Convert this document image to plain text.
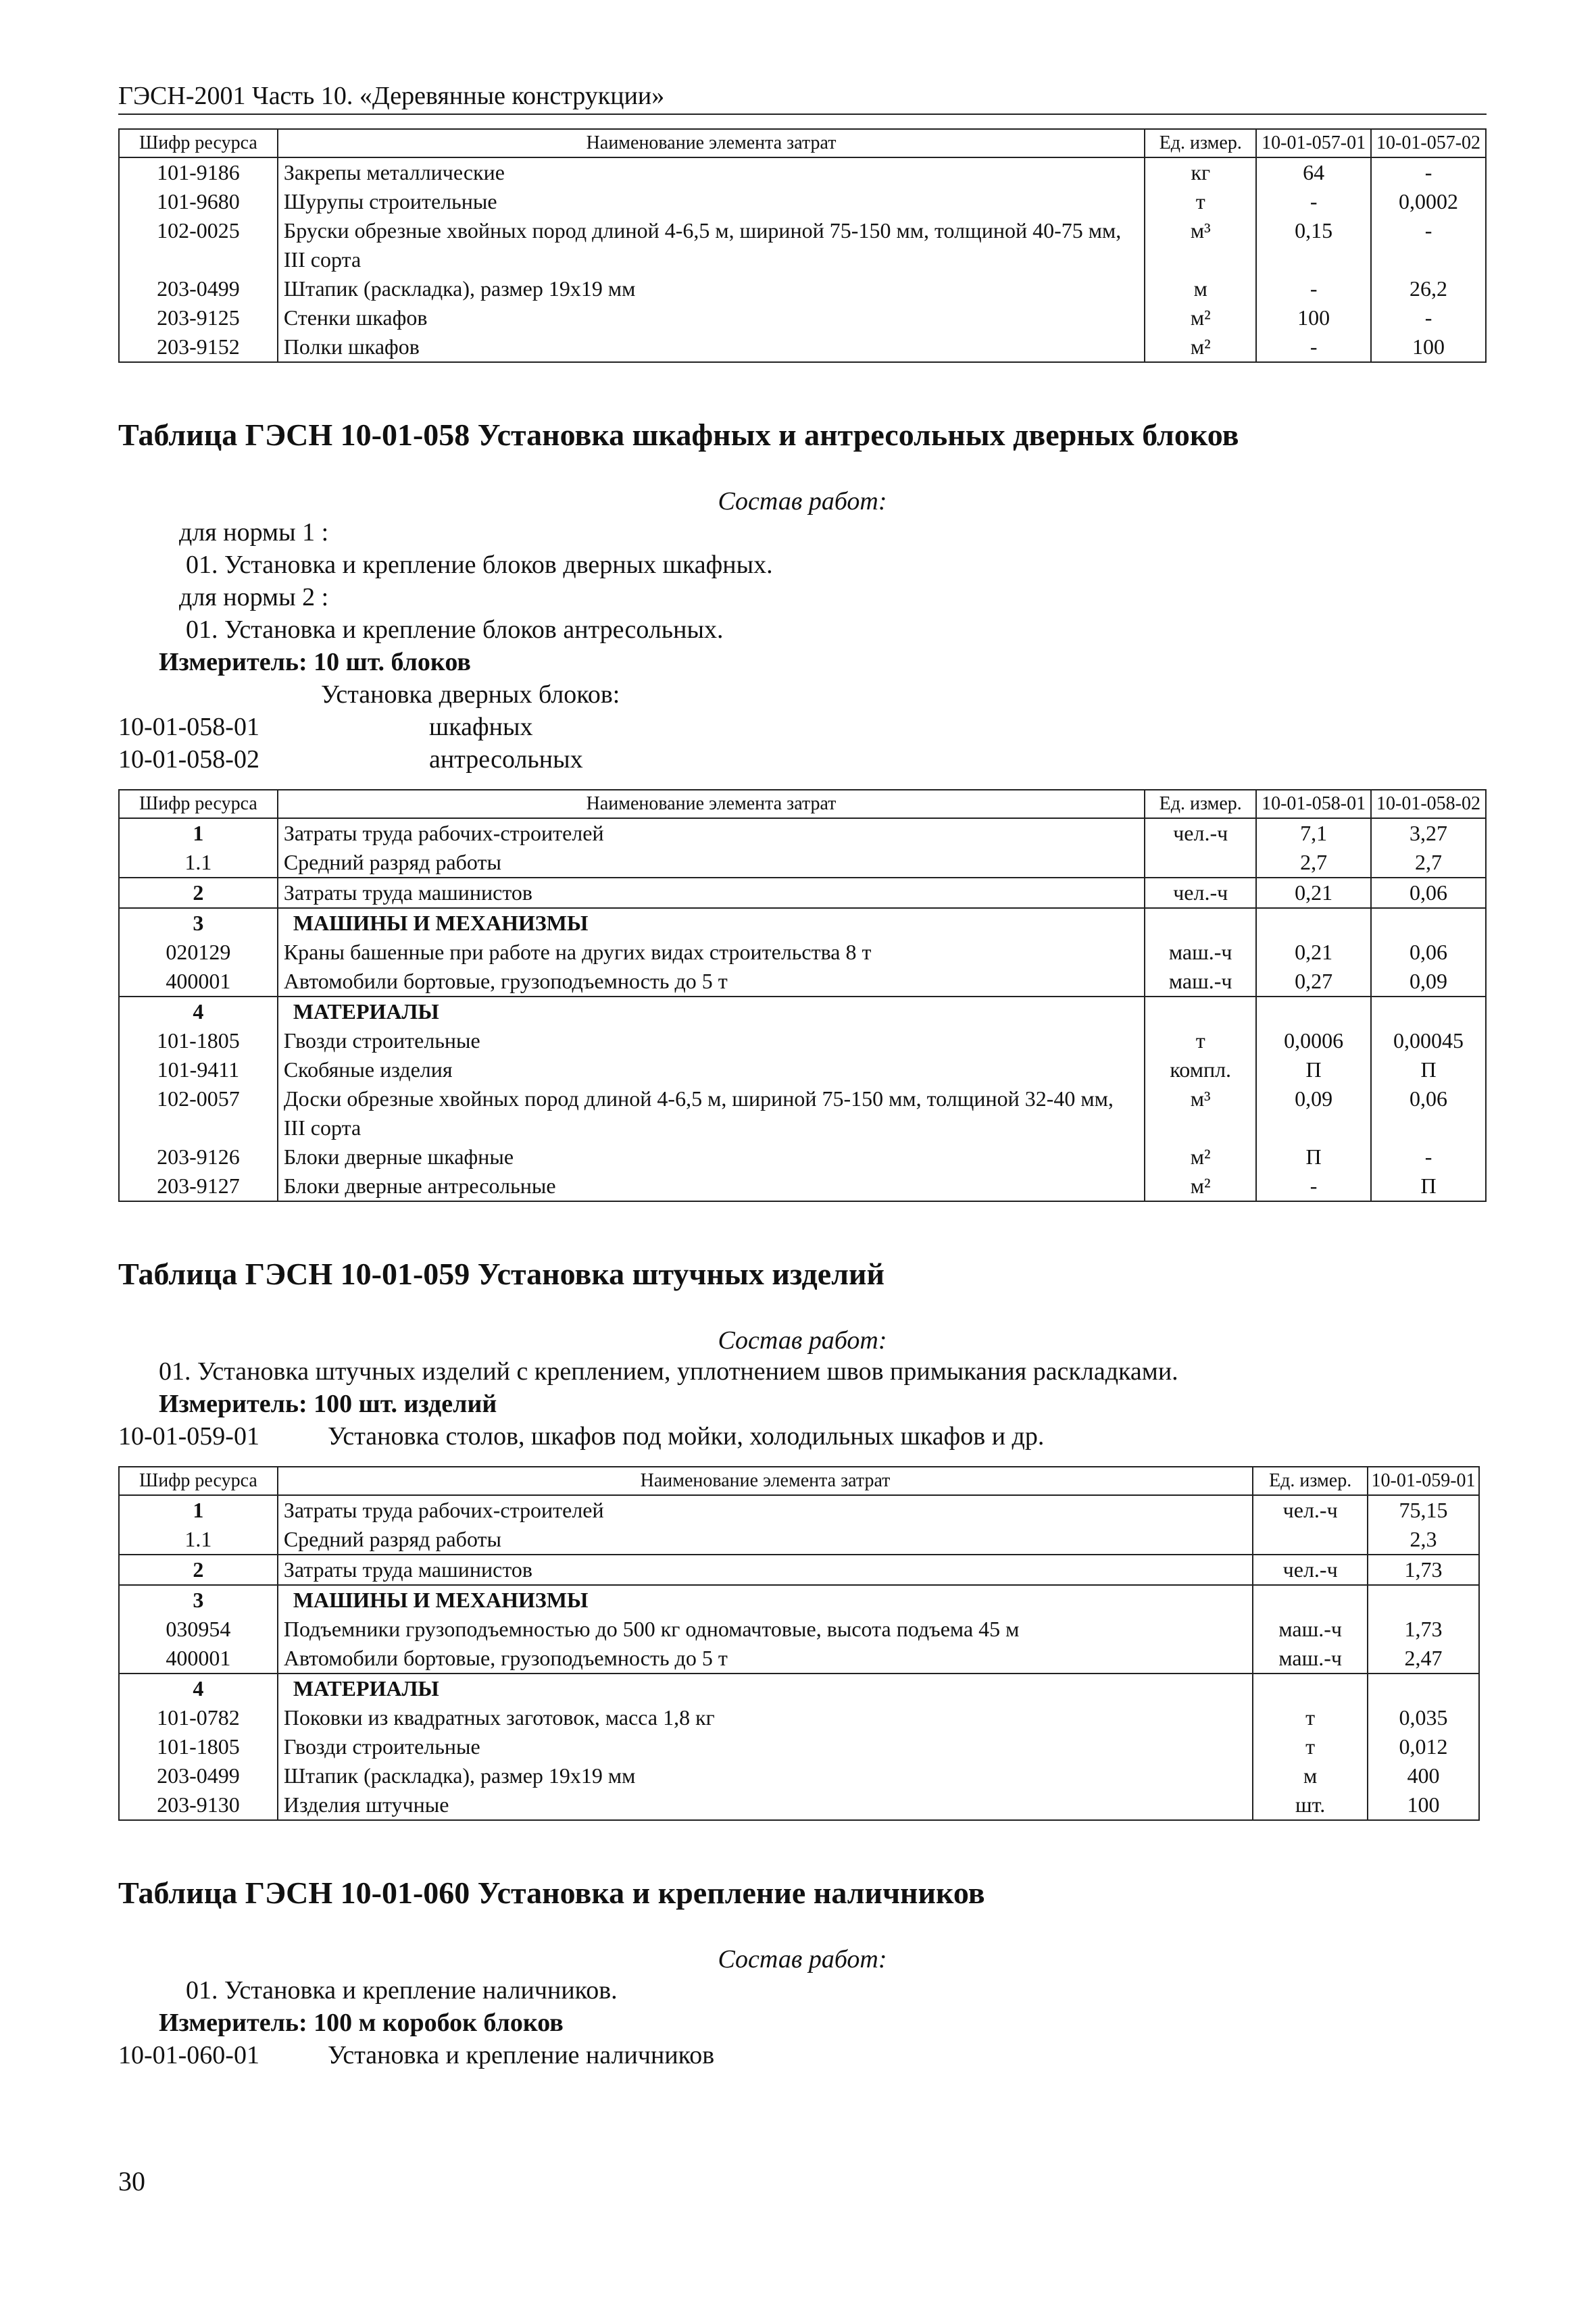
ГЭСН-2001 Часть 10. «Деревянные конструкции»
Шифр ресурса	Наименование элемента затрат	Ед. измер.	10-01-057-01	10-01-057-02
101-9186	Закрепы металлические	кг	64	-
101-9680	Шурупы строительные	т	-	0,0002
102-0025	Бруски обрезные хвойных пород длиной 4-6,5 м, шириной 75-150 мм, толщиной 40-75 мм, III сорта	м³	0,15	-
203-0499	Штапик (раскладка), размер 19х19 мм	м	-	26,2
203-9125	Стенки шкафов	м²	100	-
203-9152	Полки шкафов	м²	-	100
Таблица ГЭСН 10-01-058 Установка шкафных и антресольных дверных блоков
Состав работ:
для нормы 1 :
01. Установка и крепление блоков дверных шкафных.
для нормы 2 :
01. Установка и крепление блоков антресольных.
Измеритель: 10 шт. блоков
Установка дверных блоков:
10-01-058-01	шкафных
10-01-058-02	антресольных
Шифр ресурса	Наименование элемента затрат	Ед. измер.	10-01-058-01	10-01-058-02
1	Затраты труда рабочих-строителей	чел.-ч	7,1	3,27
1.1	Средний разряд работы		2,7	2,7
2	Затраты труда машинистов	чел.-ч	0,21	0,06
3	МАШИНЫ И МЕХАНИЗМЫ			
020129	Краны башенные при работе на других видах строительства 8 т	маш.-ч	0,21	0,06
400001	Автомобили бортовые, грузоподъемность до 5 т	маш.-ч	0,27	0,09
4	МАТЕРИАЛЫ			
101-1805	Гвозди строительные	т	0,0006	0,00045
101-9411	Скобяные изделия	компл.	П	П
102-0057	Доски обрезные хвойных пород длиной 4-6,5 м, шириной 75-150 мм, толщиной 32-40 мм, III сорта	м³	0,09	0,06
203-9126	Блоки дверные шкафные	м²	П	-
203-9127	Блоки дверные антресольные	м²	-	П
Таблица ГЭСН 10-01-059 Установка штучных изделий
Состав работ:
01. Установка штучных изделий с креплением, уплотнением швов примыкания раскладками.
Измеритель: 100 шт. изделий
10-01-059-01	Установка столов, шкафов под мойки, холодильных шкафов и др.
Шифр ресурса	Наименование элемента затрат	Ед. измер.	10-01-059-01
1	Затраты труда рабочих-строителей	чел.-ч	75,15
1.1	Средний разряд работы		2,3
2	Затраты труда машинистов	чел.-ч	1,73
3	МАШИНЫ И МЕХАНИЗМЫ		
030954	Подъемники грузоподъемностью до 500 кг одномачтовые, высота подъема 45 м	маш.-ч	1,73
400001	Автомобили бортовые, грузоподъемность до 5 т	маш.-ч	2,47
4	МАТЕРИАЛЫ		
101-0782	Поковки из квадратных заготовок, масса 1,8 кг	т	0,035
101-1805	Гвозди строительные	т	0,012
203-0499	Штапик (раскладка), размер 19х19 мм	м	400
203-9130	Изделия штучные	шт.	100
Таблица ГЭСН 10-01-060 Установка и крепление наличников
Состав работ:
01. Установка и крепление наличников.
Измеритель: 100 м коробок блоков
10-01-060-01	Установка и крепление наличников
30
